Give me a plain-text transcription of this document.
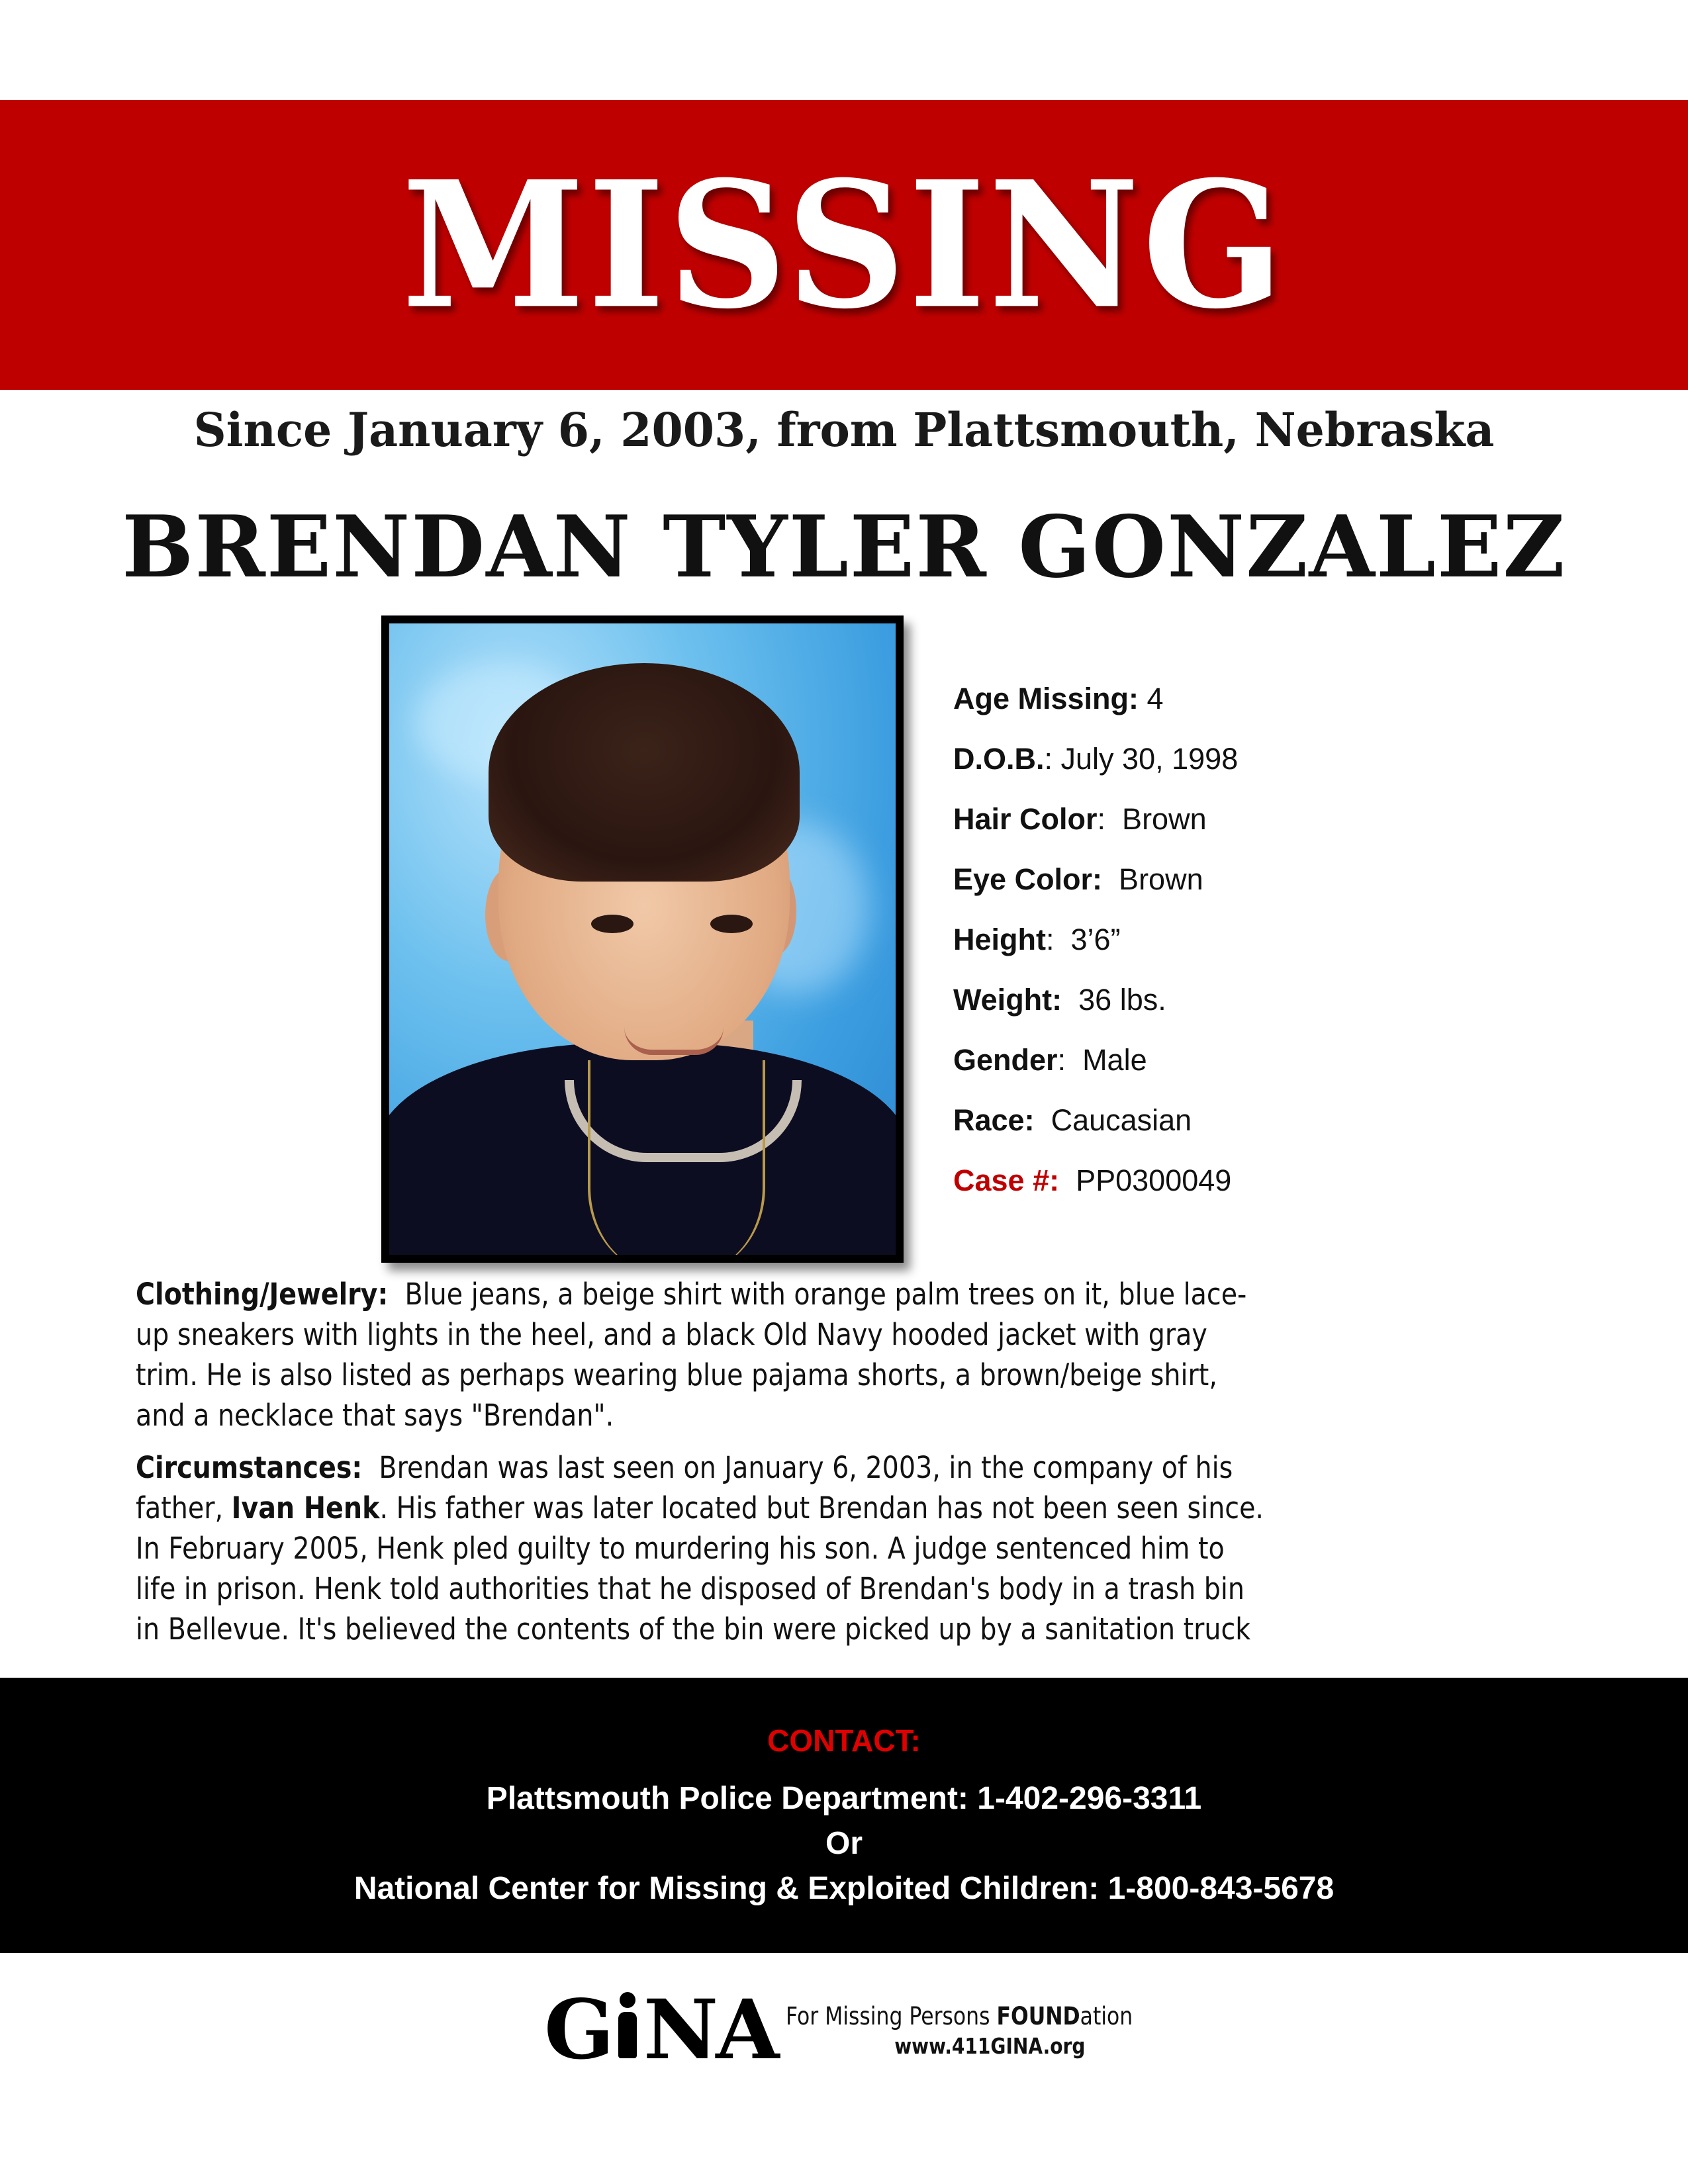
MISSING
Since January 6, 2003, from Plattsmouth, Nebraska
BRENDAN TYLER GONZALEZ
Age Missing: 4
D.O.B.: July 30, 1998
Hair Color:  Brown
Eye Color:  Brown
Height:  3’6”
Weight:  36 lbs.
Gender:  Male
Race:  Caucasian
Case #:  PP0300049
Clothing/Jewelry:  Blue jeans, a beige shirt with orange palm trees on it, blue lace-
up sneakers with lights in the heel, and a black Old Navy hooded jacket with gray
trim. He is also listed as perhaps wearing blue pajama shorts, a brown/beige shirt,
and a necklace that says "Brendan".
Circumstances:  Brendan was last seen on January 6, 2003, in the company of his
father, Ivan Henk. His father was later located but Brendan has not been seen since.
In February 2005, Henk pled guilty to murdering his son. A judge sentenced him to
life in prison. Henk told authorities that he disposed of Brendan's body in a trash bin
in Bellevue. It's believed the contents of the bin were picked up by a sanitation truck
CONTACT:
Plattsmouth Police Department: 1-402-296-3311
Or
National Center for Missing & Exploited Children: 1-800-843-5678
G NA For Missing Persons FOUNDation
www.411GINA.org
